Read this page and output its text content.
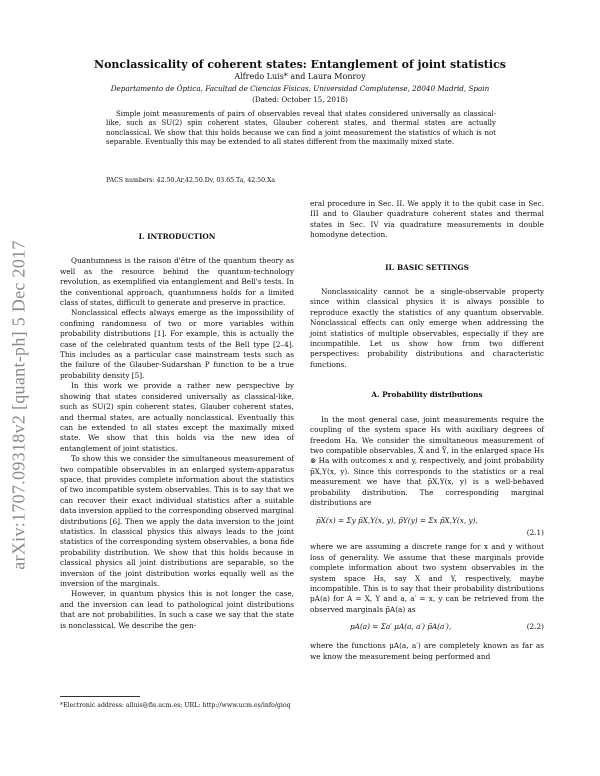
arXiv:1707.09318v2 [quant-ph] 5 Dec 2017
Nonclassicality of coherent states: Entanglement of joint statistics
Alfredo Luis* and Laura Monroy
Departamento de Óptica, Facultad de Ciencias Físicas, Universidad Complutense, 28040 Madrid, Spain
(Dated: October 15, 2018)
Simple joint measurements of pairs of observables reveal that states considered universally as classical-like, such as SU(2) spin coherent states, Glauber coherent states, and thermal states are actually nonclassical. We show that this holds because we can find a joint measurement the statistics of which is not separable. Eventually this may be extended to all states different from the maximally mixed state.
PACS numbers: 42.50.Ar,42.50.Dv, 03.65.Ta, 42.50.Xa
I. INTRODUCTION

Quantumness is the raison d'être of the quantum theory as well as the resource behind the quantum-technology revolution, as exemplified via entanglement and Bell's tests. In the conventional approach, quantumness holds for a limited class of states, difficult to generate and preserve in practice.

Nonclassical effects always emerge as the impossibility of confining randomness of two or more variables within probability distributions [1]. For example, this is actually the case of the celebrated quantum tests of the Bell type [2–4]. This includes as a particular case mainstream tests such as the failure of the Glauber-Sudarshan P function to be a true probability density [5].

In this work we provide a rather new perspective by showing that states considered universally as classical-like, such as SU(2) spin coherent states, Glauber coherent states, and thermal states, are actually nonclassical. Eventually this can be extended to all states except the maximally mixed state. We show that this holds via the new idea of entanglement of joint statistics.

To show this we consider the simultaneous measurement of two compatible observables in an enlarged system-apparatus space, that provides complete information about the statistics of two incompatible system observables. This is to say that we can recover their exact individual statistics after a suitable data inversion applied to the corresponding observed marginal distributions [6]. Then we apply the data inversion to the joint statistics. In classical physics this always leads to the joint statistics of the corresponding system observables, a bona fide probability distribution. We show that this holds because in classical physics all joint distributions are separable, so the inversion of the joint distribution works equally well as the inversion of the marginals.

However, in quantum physics this is not longer the case, and the inversion can lead to pathological joint distributions that are not probabilities. In such a case we say that the state is nonclassical. We describe the gen-

*Electronic address: alluis@fis.ucm.es; URL: http://www.ucm.es/info/gioq

eral procedure in Sec. II. We apply it to the qubit case in Sec. III and to Glauber quadrature coherent states and thermal states in Sec. IV via quadrature measurements in double homodyne detection.

II. BASIC SETTINGS

Nonclassicality cannot be a single-observable property since within classical physics it is always possible to reproduce exactly the statistics of any quantum observable. Nonclassical effects can only emerge when addressing the joint statistics of multiple observables, especially if they are incompatible. Let us show how from two different perspectives: probability distributions and characteristic functions.

A. Probability distributions

In the most general case, joint measurements require the coupling of the system space Hs with auxiliary degrees of freedom Ha. We consider the simultaneous measurement of two compatible observables, X̃ and Ỹ, in the enlarged space Hs ⊗ Ha with outcomes x and y, respectively, and joint probability p̃X,Y(x, y). Since this corresponds to the statistics or a real measurement we have that p̃X,Y(x, y) is a well-behaved probability distribution. The corresponding marginal distributions are

p̃X(x) = Σy p̃X,Y(x, y), p̃Y(y) = Σx p̃X,Y(x, y),
(2.1)

where we are assuming a discrete range for x and y without loss of generality. We assume that these marginals provide complete information about two system observables in the system space Hs, say X and Y, respectively, maybe incompatible. This is to say that their probability distributions pA(a) for A = X, Y and a, a′ = x, y can be retrieved from the observed marginals p̃A(a) as

pA(a) = Σa′ μA(a, a′) p̃A(a′),	(2.2)

where the functions μA(a, a′) are completely known as far as we know the measurement being performed and
